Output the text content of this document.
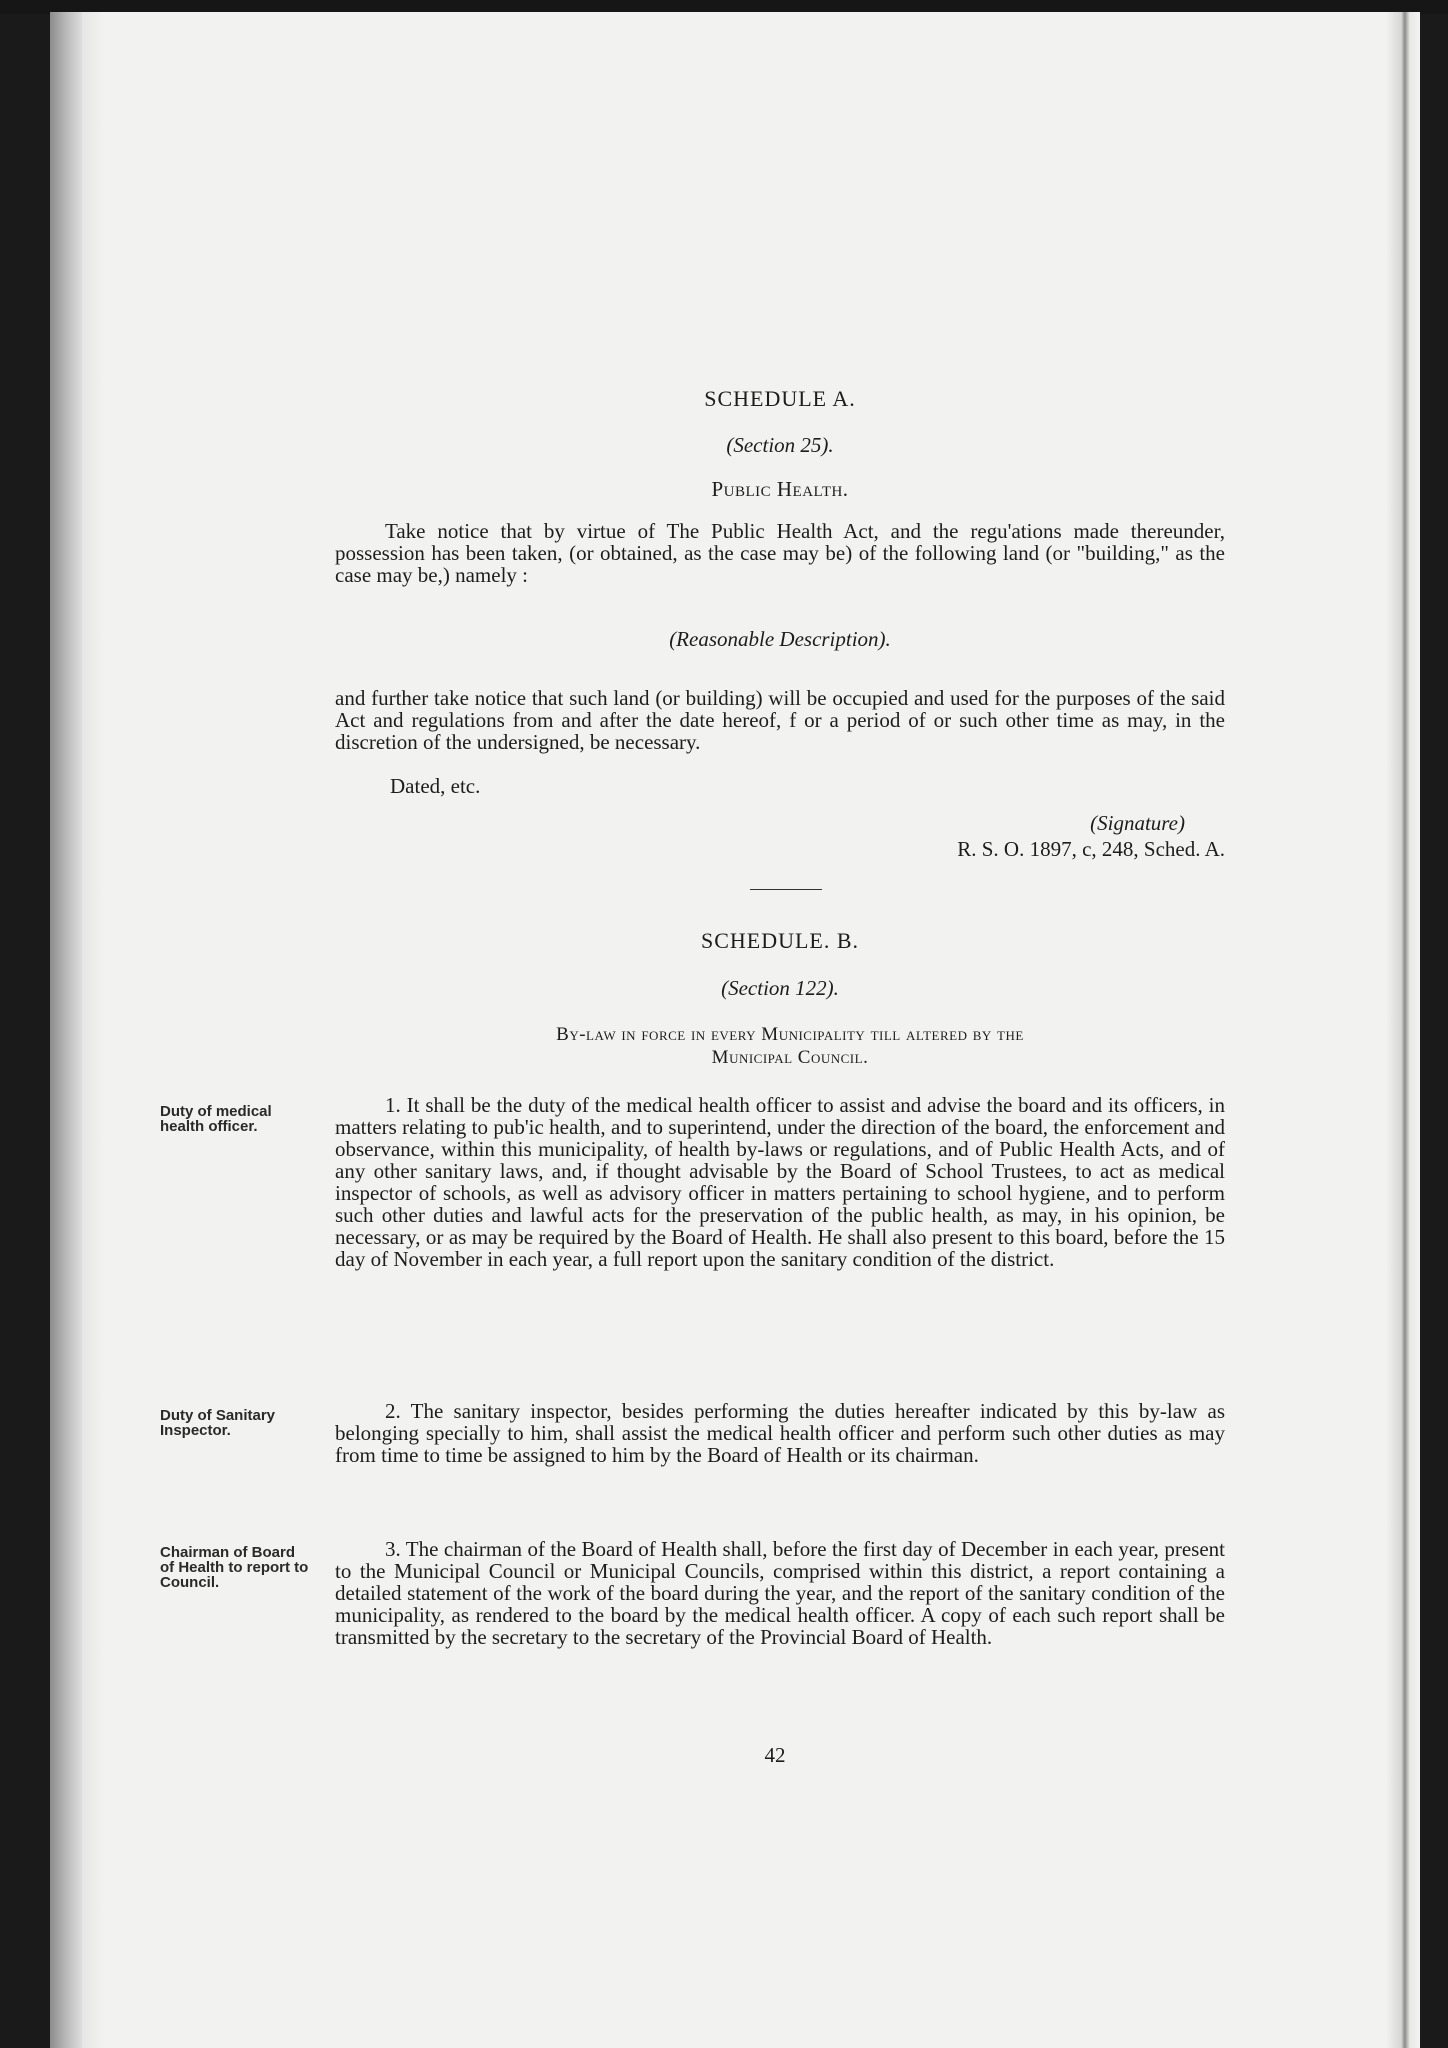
SCHEDULE A.
(Section 25).
Public Health.
Take notice that by virtue of The Public Health Act, and the regu'ations made thereunder, possession has been taken, (or obtained, as the case may be) of the following land (or "building," as the case may be,) namely :
(Reasonable Description).
and further take notice that such land (or building) will be occupied and used for the purposes of the said Act and regulations from and after the date hereof, f or a period of or such other time as may, in the discretion of the undersigned, be necessary.
Dated, etc.
(Signature)
R. S. O. 1897, c, 248, Sched. A.
SCHEDULE. B.
(Section 122).
By-law in force in every Municipality till altered by the
Municipal Council.
Duty of medical health officer.
1. It shall be the duty of the medical health officer to assist and advise the board and its officers, in matters relating to pub'ic health, and to superintend, under the direction of the board, the enforcement and observance, within this municipality, of health by-laws or regulations, and of Public Health Acts, and of any other sanitary laws, and, if thought advisable by the Board of School Trustees, to act as medical inspector of schools, as well as advisory officer in matters pertaining to school hygiene, and to perform such other duties and lawful acts for the preservation of the public health, as may, in his opinion, be necessary, or as may be required by the Board of Health. He shall also present to this board, before the 15 day of November in each year, a full report upon the sanitary condition of the district.
Duty of Sanitary Inspector.
2. The sanitary inspector, besides performing the duties hereafter indicated by this by-law as belonging specially to him, shall assist the medical health officer and perform such other duties as may from time to time be assigned to him by the Board of Health or its chairman.
Chairman of Board of Health to report to Council.
3. The chairman of the Board of Health shall, before the first day of December in each year, present to the Municipal Council or Municipal Councils, comprised within this district, a report containing a detailed statement of the work of the board during the year, and the report of the sanitary condition of the municipality, as rendered to the board by the medical health officer. A copy of each such report shall be transmitted by the secretary to the secretary of the Provincial Board of Health.
42
